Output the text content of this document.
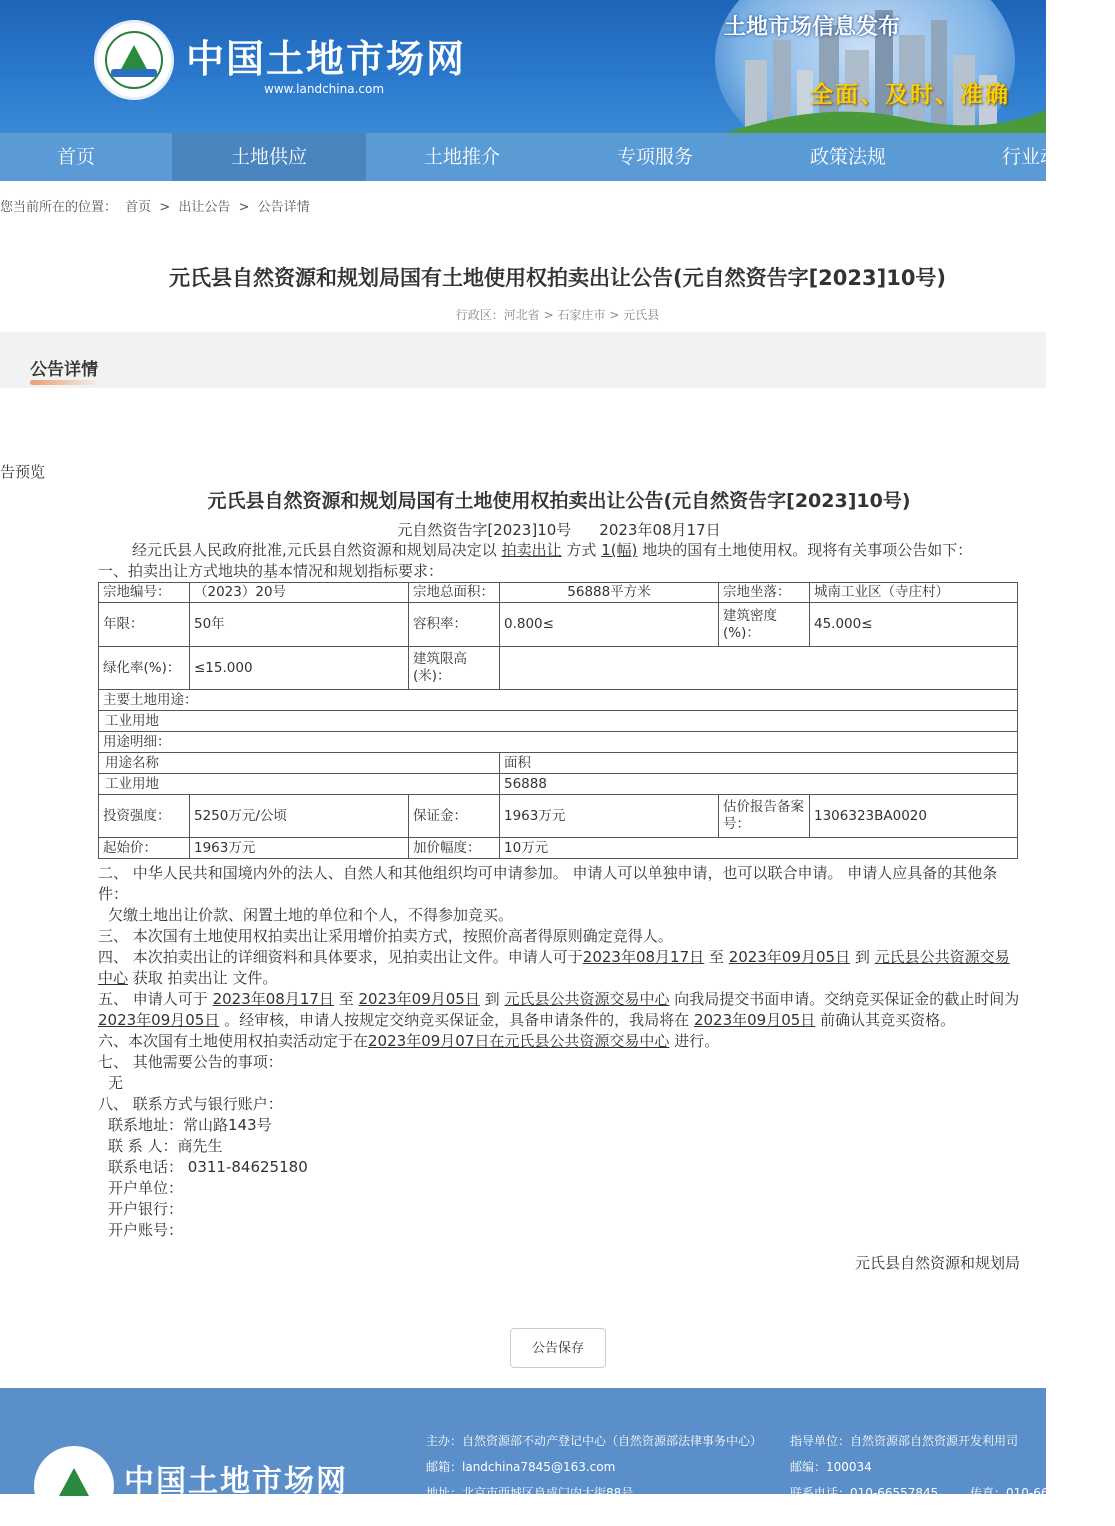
中国土地市场网
www.landchina.com
土地市场信息发布
全面、及时、准确
首页	土地供应	土地推介	专项服务	政策法规	行业动
您当前所在的位置： 首页 > 出让公告 > 公告详情
元氏县自然资源和规划局国有土地使用权拍卖出让公告(元自然资告字[2023]10号)
行政区：河北省 > 石家庄市 > 元氏县
公告详情
告预览
元氏县自然资源和规划局国有土地使用权拍卖出让公告(元自然资告字[2023]10号)
元自然资告字[2023]10号 2023年08月17日

经元氏县人民政府批准,元氏县自然资源和规划局决定以 拍卖出让 方式 1(幅) 地块的国有土地使用权。现将有关事项公告如下：

一、拍卖出让方式地块的基本情况和规划指标要求：

宗地编号：	（2023）20号	宗地总面积：	56888平方米	宗地坐落：	城南工业区（寺庄村）
年限：	50年	容积率：	0.800≤	建筑密度(%)：	45.000≤
绿化率(%)：	≤15.000	建筑限高(米)：			
主要土地用途：					
工业用地					
用途明细：					
用途名称			面积		
工业用地			56888		
投资强度：	5250万元/公顷	保证金：	1963万元	估价报告备案号：	1306323BA0020
起始价：	1963万元	加价幅度：	10万元		

二、 中华人民共和国境内外的法人、自然人和其他组织均可申请参加。 申请人可以单独申请，也可以联合申请。 申请人应具备的其他条件：

欠缴土地出让价款、闲置土地的单位和个人，不得参加竞买。

三、 本次国有土地使用权拍卖出让采用增价拍卖方式，按照价高者得原则确定竞得人。

四、 本次拍卖出让的详细资料和具体要求，见拍卖出让文件。申请人可于2023年08月17日 至 2023年09月05日 到 元氏县公共资源交易中心 获取 拍卖出让 文件。

五、 申请人可于 2023年08月17日 至 2023年09月05日 到 元氏县公共资源交易中心 向我局提交书面申请。交纳竞买保证金的截止时间为2023年09月05日 。经审核，申请人按规定交纳竞买保证金，具备申请条件的，我局将在 2023年09月05日 前确认其竞买资格。

六、本次国有土地使用权拍卖活动定于在2023年09月07日在元氏县公共资源交易中心 进行。

七、 其他需要公告的事项：

无

八、 联系方式与银行账户：

联系地址：常山路143号

联 系 人：商先生

联系电话： 0311-84625180

开户单位：

开户银行：

开户账号：

元氏县自然资源和规划局

公告保存
中国土地市场网
主办：自然资源部不动产登记中心（自然资源部法律事务中心） 指导单位：自然资源部自然资源开发利用司
邮箱：landchina7845@163.com	邮编：100034
地址：北京市西城区阜成门内大街88号	联系电话：010-66557845	传真：010-66
